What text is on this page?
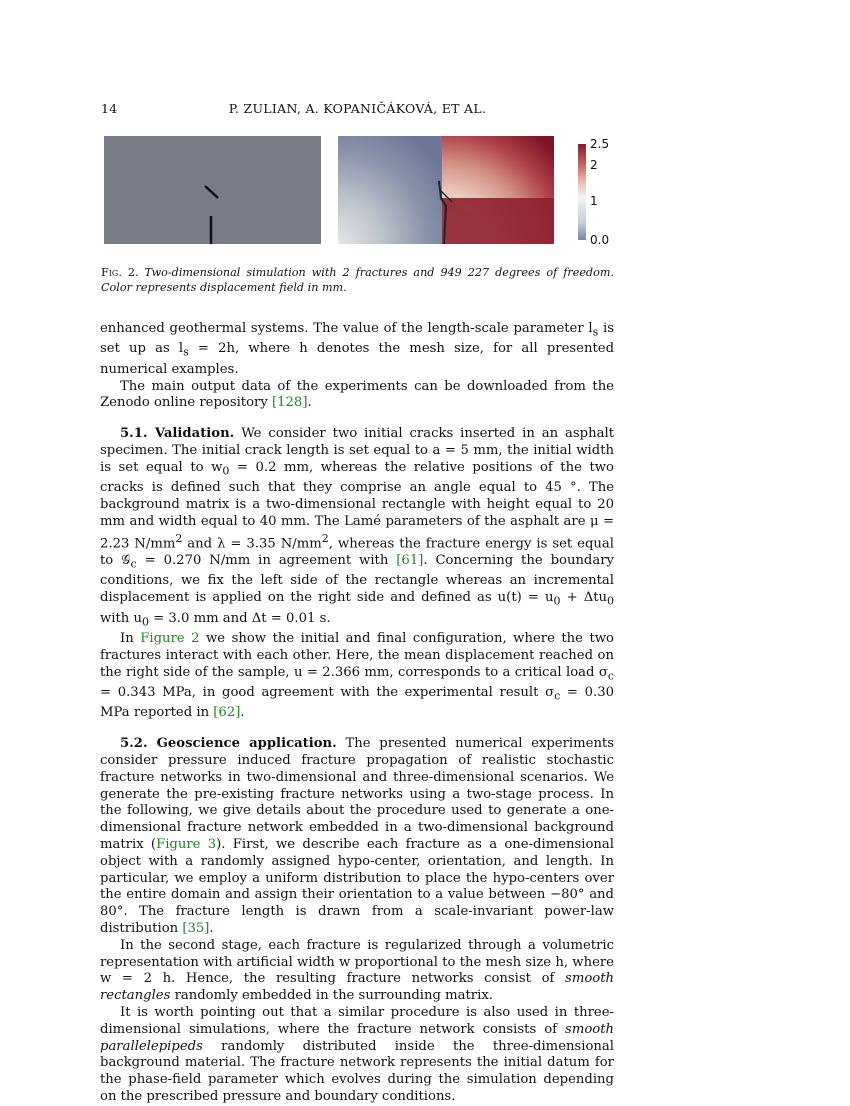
14	P. ZULIAN, A. KOPANIČÁKOVÁ, ET AL.
2.5
2
1
0.0
Fig. 2. Two-dimensional simulation with 2 fractures and 949 227 degrees of freedom. Color represents displacement field in mm.

enhanced geothermal systems. The value of the length-scale parameter $l_s$ is set up as $l_s = 2h$, where h denotes the mesh size, for all presented numerical examples.

The main output data of the experiments can be downloaded from the Zenodo online repository [128].

5.1. Validation. We consider two initial cracks inserted in an asphalt specimen. The initial crack length is set equal to a = 5 mm, the initial width is set equal to $w_0 = 0.2$ mm, whereas the relative positions of the two cracks is defined such that they comprise an angle equal to 45 °. The background matrix is a two-dimensional rectangle with height equal to 20 mm and width equal to 40 mm. The Lamé parameters of the asphalt are μ = 2.23 $N/mm^2$ and λ = 3.35 $N/mm^2$, whereas the fracture energy is set equal to 𝒢$_c$ = 0.270 N/mm in agreement with [61]. Concerning the boundary conditions, we fix the left side of the rectangle whereas an incremental displacement is applied on the right side and defined as $u(t) = u_0 + \Delta tu_0$ with $u_0 = 3.0$ mm and Δt = 0.01 s.

In Figure 2 we show the initial and final configuration, where the two fractures interact with each other. Here, the mean displacement reached on the right side of the sample, u = 2.366 mm, corresponds to a critical load $\sigma_c = 0.343$ MPa, in good agreement with the experimental result $\sigma_c = 0.30$ MPa reported in [62].

5.2. Geoscience application. The presented numerical experiments consider pressure induced fracture propagation of realistic stochastic fracture networks in two-dimensional and three-dimensional scenarios. We generate the pre-existing fracture networks using a two-stage process. In the following, we give details about the procedure used to generate a one-dimensional fracture network embedded in a two-dimensional background matrix (Figure 3). First, we describe each fracture as a one-dimensional object with a randomly assigned hypo-center, orientation, and length. In particular, we employ a uniform distribution to place the hypo-centers over the entire domain and assign their orientation to a value between −80° and 80°. The fracture length is drawn from a scale-invariant power-law distribution [35].

In the second stage, each fracture is regularized through a volumetric representation with artificial width w proportional to the mesh size h, where w = 2 h. Hence, the resulting fracture networks consist of smooth rectangles randomly embedded in the surrounding matrix.

It is worth pointing out that a similar procedure is also used in three-dimensional simulations, where the fracture network consists of smooth parallelepipeds randomly distributed inside the three-dimensional background material. The fracture network represents the initial datum for the phase-field parameter which evolves during the simulation depending on the prescribed pressure and boundary conditions.
